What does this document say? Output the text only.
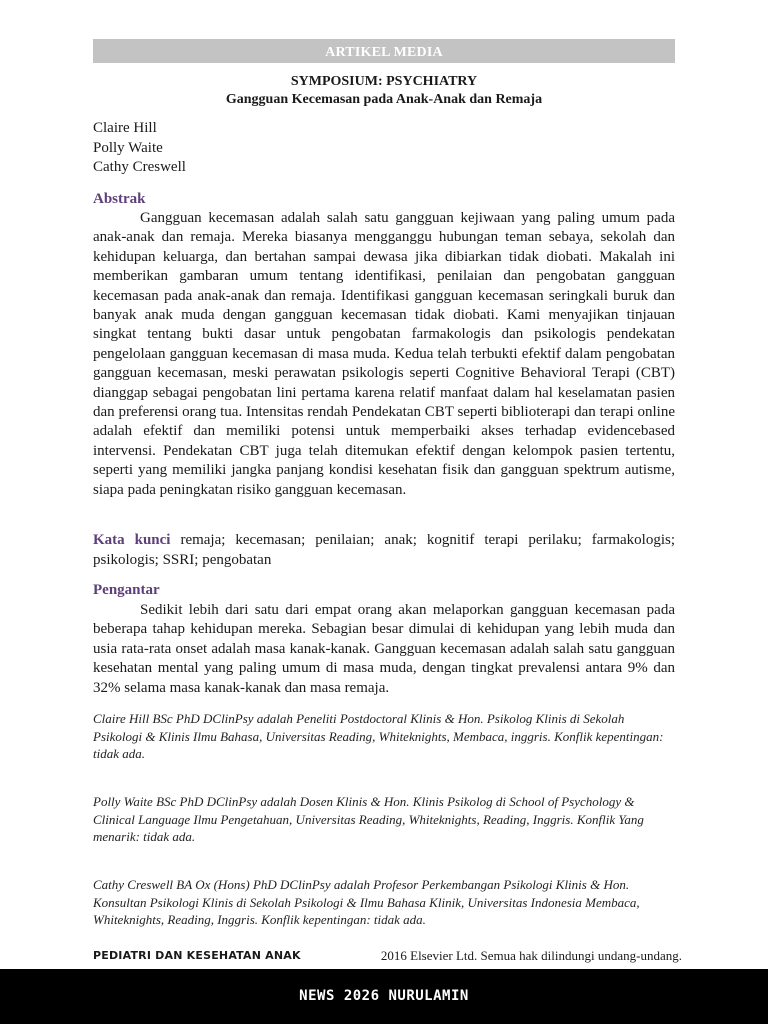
ARTIKEL MEDIA
SYMPOSIUM: PSYCHIATRY
Gangguan Kecemasan pada Anak-Anak dan Remaja
Claire Hill
Polly Waite
Cathy Creswell
Abstrak
Gangguan kecemasan adalah salah satu gangguan kejiwaan yang paling umum pada anak-anak dan remaja. Mereka biasanya mengganggu hubungan teman sebaya, sekolah dan kehidupan keluarga, dan bertahan sampai dewasa jika dibiarkan tidak diobati. Makalah ini memberikan gambaran umum tentang identifikasi, penilaian dan pengobatan gangguan kecemasan pada anak-anak dan remaja. Identifikasi gangguan kecemasan seringkali buruk dan banyak anak muda dengan gangguan kecemasan tidak diobati. Kami menyajikan tinjauan singkat tentang bukti dasar untuk pengobatan farmakologis dan psikologis pendekatan pengelolaan gangguan kecemasan di masa muda. Kedua telah terbukti efektif dalam pengobatan gangguan kecemasan, meski perawatan psikologis seperti Cognitive Behavioral Terapi (CBT) dianggap sebagai pengobatan lini pertama karena relatif manfaat dalam hal keselamatan pasien dan preferensi orang tua. Intensitas rendah Pendekatan CBT seperti biblioterapi dan terapi online adalah efektif dan memiliki potensi untuk memperbaiki akses terhadap evidencebased intervensi. Pendekatan CBT juga telah ditemukan efektif dengan kelompok pasien tertentu, seperti yang memiliki jangka panjang kondisi kesehatan fisik dan gangguan spektrum autisme, siapa pada peningkatan risiko gangguan kecemasan.
Kata kunci remaja; kecemasan; penilaian; anak; kognitif terapi perilaku; farmakologis; psikologis; SSRI; pengobatan
Pengantar
Sedikit lebih dari satu dari empat orang akan melaporkan gangguan kecemasan pada beberapa tahap kehidupan mereka. Sebagian besar dimulai di kehidupan yang lebih muda dan usia rata-rata onset adalah masa kanak-kanak. Gangguan kecemasan adalah salah satu gangguan kesehatan mental yang paling umum di masa muda, dengan tingkat prevalensi antara 9% dan 32% selama masa kanak-kanak dan masa remaja.
Claire Hill BSc PhD DClinPsy adalah Peneliti Postdoctoral Klinis & Hon. Psikolog Klinis di Sekolah Psikologi & Klinis Ilmu Bahasa, Universitas Reading, Whiteknights, Membaca, inggris. Konflik kepentingan: tidak ada.
Polly Waite BSc PhD DClinPsy adalah Dosen Klinis & Hon. Klinis Psikolog di School of Psychology & Clinical Language Ilmu Pengetahuan, Universitas Reading, Whiteknights, Reading, Inggris. Konflik Yang menarik: tidak ada.
Cathy Creswell BA Ox (Hons) PhD DClinPsy adalah Profesor Perkembangan Psikologi Klinis & Hon. Konsultan Psikologi Klinis di Sekolah Psikologi & Ilmu Bahasa Klinik, Universitas Indonesia Membaca, Whiteknights, Reading, Inggris. Konflik kepentingan: tidak ada.
PEDIATRI DAN KESEHATAN ANAK	2016 Elsevier Ltd. Semua hak dilindungi undang-undang.
NEWS 2026 NURULAMIN
